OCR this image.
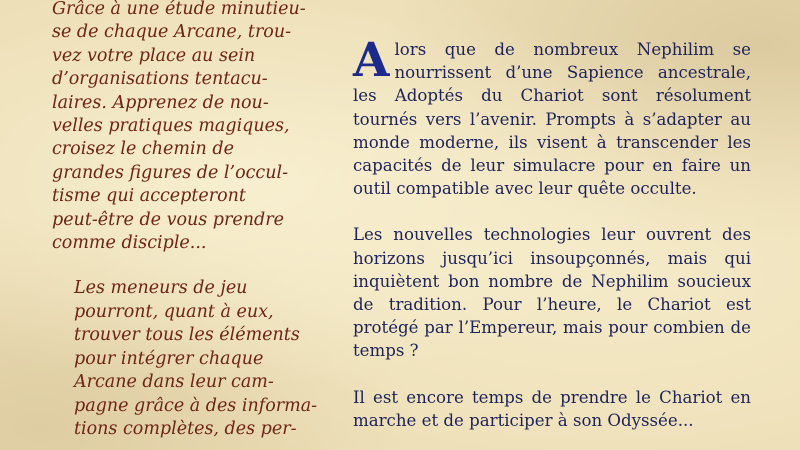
Grâce à une étude minutieu-
se de chaque Arcane, trou-
vez votre place au sein
d’organisations tentacu-
laires. Apprenez de nou-
velles pratiques magiques,
croisez le chemin de
grandes figures de l’occul-
tisme qui accepteront
peut-être de vous prendre
comme disciple...

Les meneurs de jeu
pourront, quant à eux,
trouver tous les éléments
pour intégrer chaque
Arcane dans leur cam-
pagne grâce à des informa-
tions complètes, des per-

Alors que de nombreux Nephilim se nourrissent d’une Sapience ancestrale, les Adoptés du Chariot sont résolument tournés vers l’avenir. Prompts à s’adapter au monde moderne, ils visent à transcender les capacités de leur simulacre pour en faire un outil compatible avec leur quête occulte.

Les nouvelles technologies leur ouvrent des horizons jusqu’ici insoupçonnés, mais qui inquiètent bon nombre de Nephilim soucieux de tradition. Pour l’heure, le Chariot est protégé par l’Empereur, mais pour combien de temps ?

Il est encore temps de prendre le Chariot en marche et de participer à son Odyssée...
